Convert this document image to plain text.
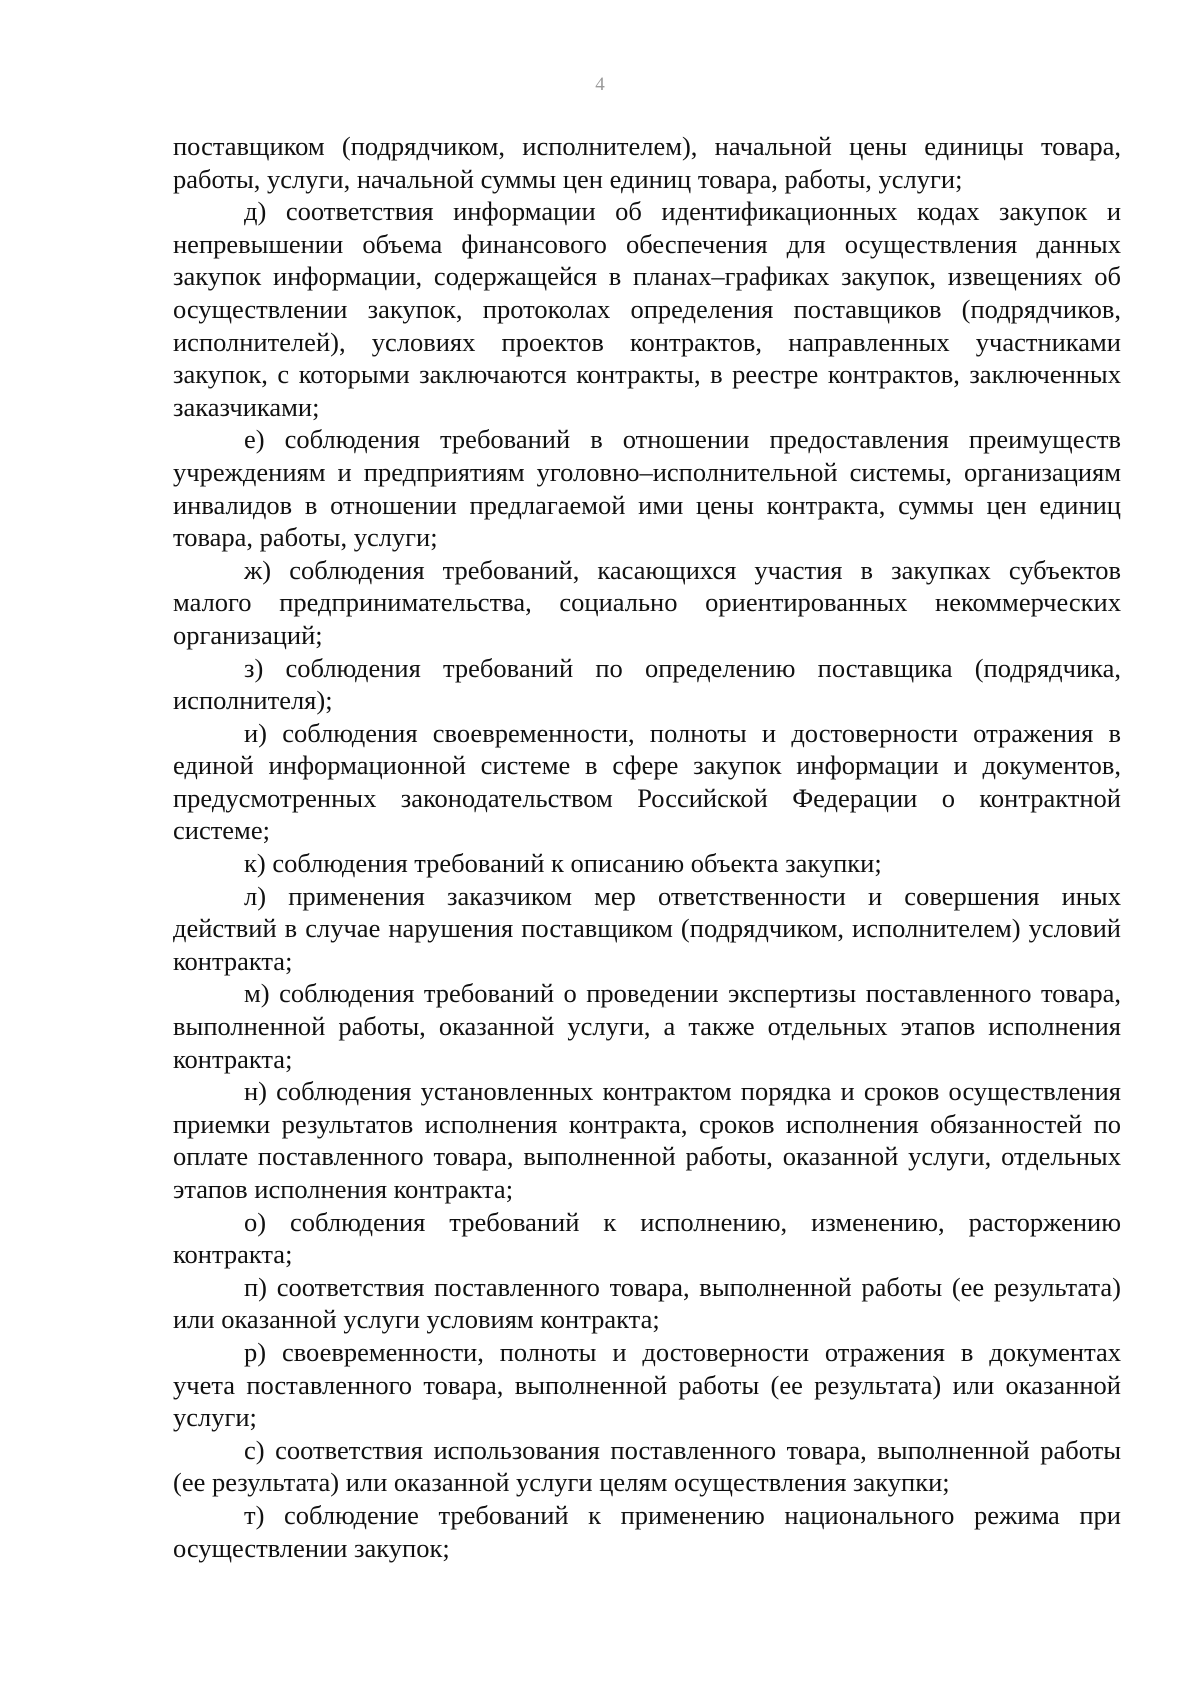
4

поставщиком (подрядчиком, исполнителем), начальной цены единицы товара, работы, услуги, начальной суммы цен единиц товара, работы, услуги;

д) соответствия информации об идентификационных кодах закупок и непревышении объема финансового обеспечения для осуществления данных закупок информации, содержащейся в планах–графиках закупок, извещениях об осуществлении закупок, протоколах определения поставщиков (подрядчиков, исполнителей), условиях проектов контрактов, направленных участниками закупок, с которыми заключаются контракты, в реестре контрактов, заключенных заказчиками;

е) соблюдения требований в отношении предоставления преимуществ учреждениям и предприятиям уголовно–исполнительной системы, организациям инвалидов в отношении предлагаемой ими цены контракта, суммы цен единиц товара, работы, услуги;

ж) соблюдения требований, касающихся участия в закупках субъектов малого предпринимательства, социально ориентированных некоммерческих организаций;

з) соблюдения требований по определению поставщика (подрядчика, исполнителя);

и) соблюдения своевременности, полноты и достоверности отражения в единой информационной системе в сфере закупок информации и документов, предусмотренных законодательством Российской Федерации о контрактной системе;

к) соблюдения требований к описанию объекта закупки;

л) применения заказчиком мер ответственности и совершения иных действий в случае нарушения поставщиком (подрядчиком, исполнителем) условий контракта;

м) соблюдения требований о проведении экспертизы поставленного товара, выполненной работы, оказанной услуги, а также отдельных этапов исполнения контракта;

н) соблюдения установленных контрактом порядка и сроков осуществления приемки результатов исполнения контракта, сроков исполнения обязанностей по оплате поставленного товара, выполненной работы, оказанной услуги, отдельных этапов исполнения контракта;

о) соблюдения требований к исполнению, изменению, расторжению контракта;

п) соответствия поставленного товара, выполненной работы (ее результата) или оказанной услуги условиям контракта;

р) своевременности, полноты и достоверности отражения в документах учета поставленного товара, выполненной работы (ее результата) или оказанной услуги;

с) соответствия использования поставленного товара, выполненной работы (ее результата) или оказанной услуги целям осуществления закупки;

т) соблюдение требований к применению национального режима при осуществлении закупок;
